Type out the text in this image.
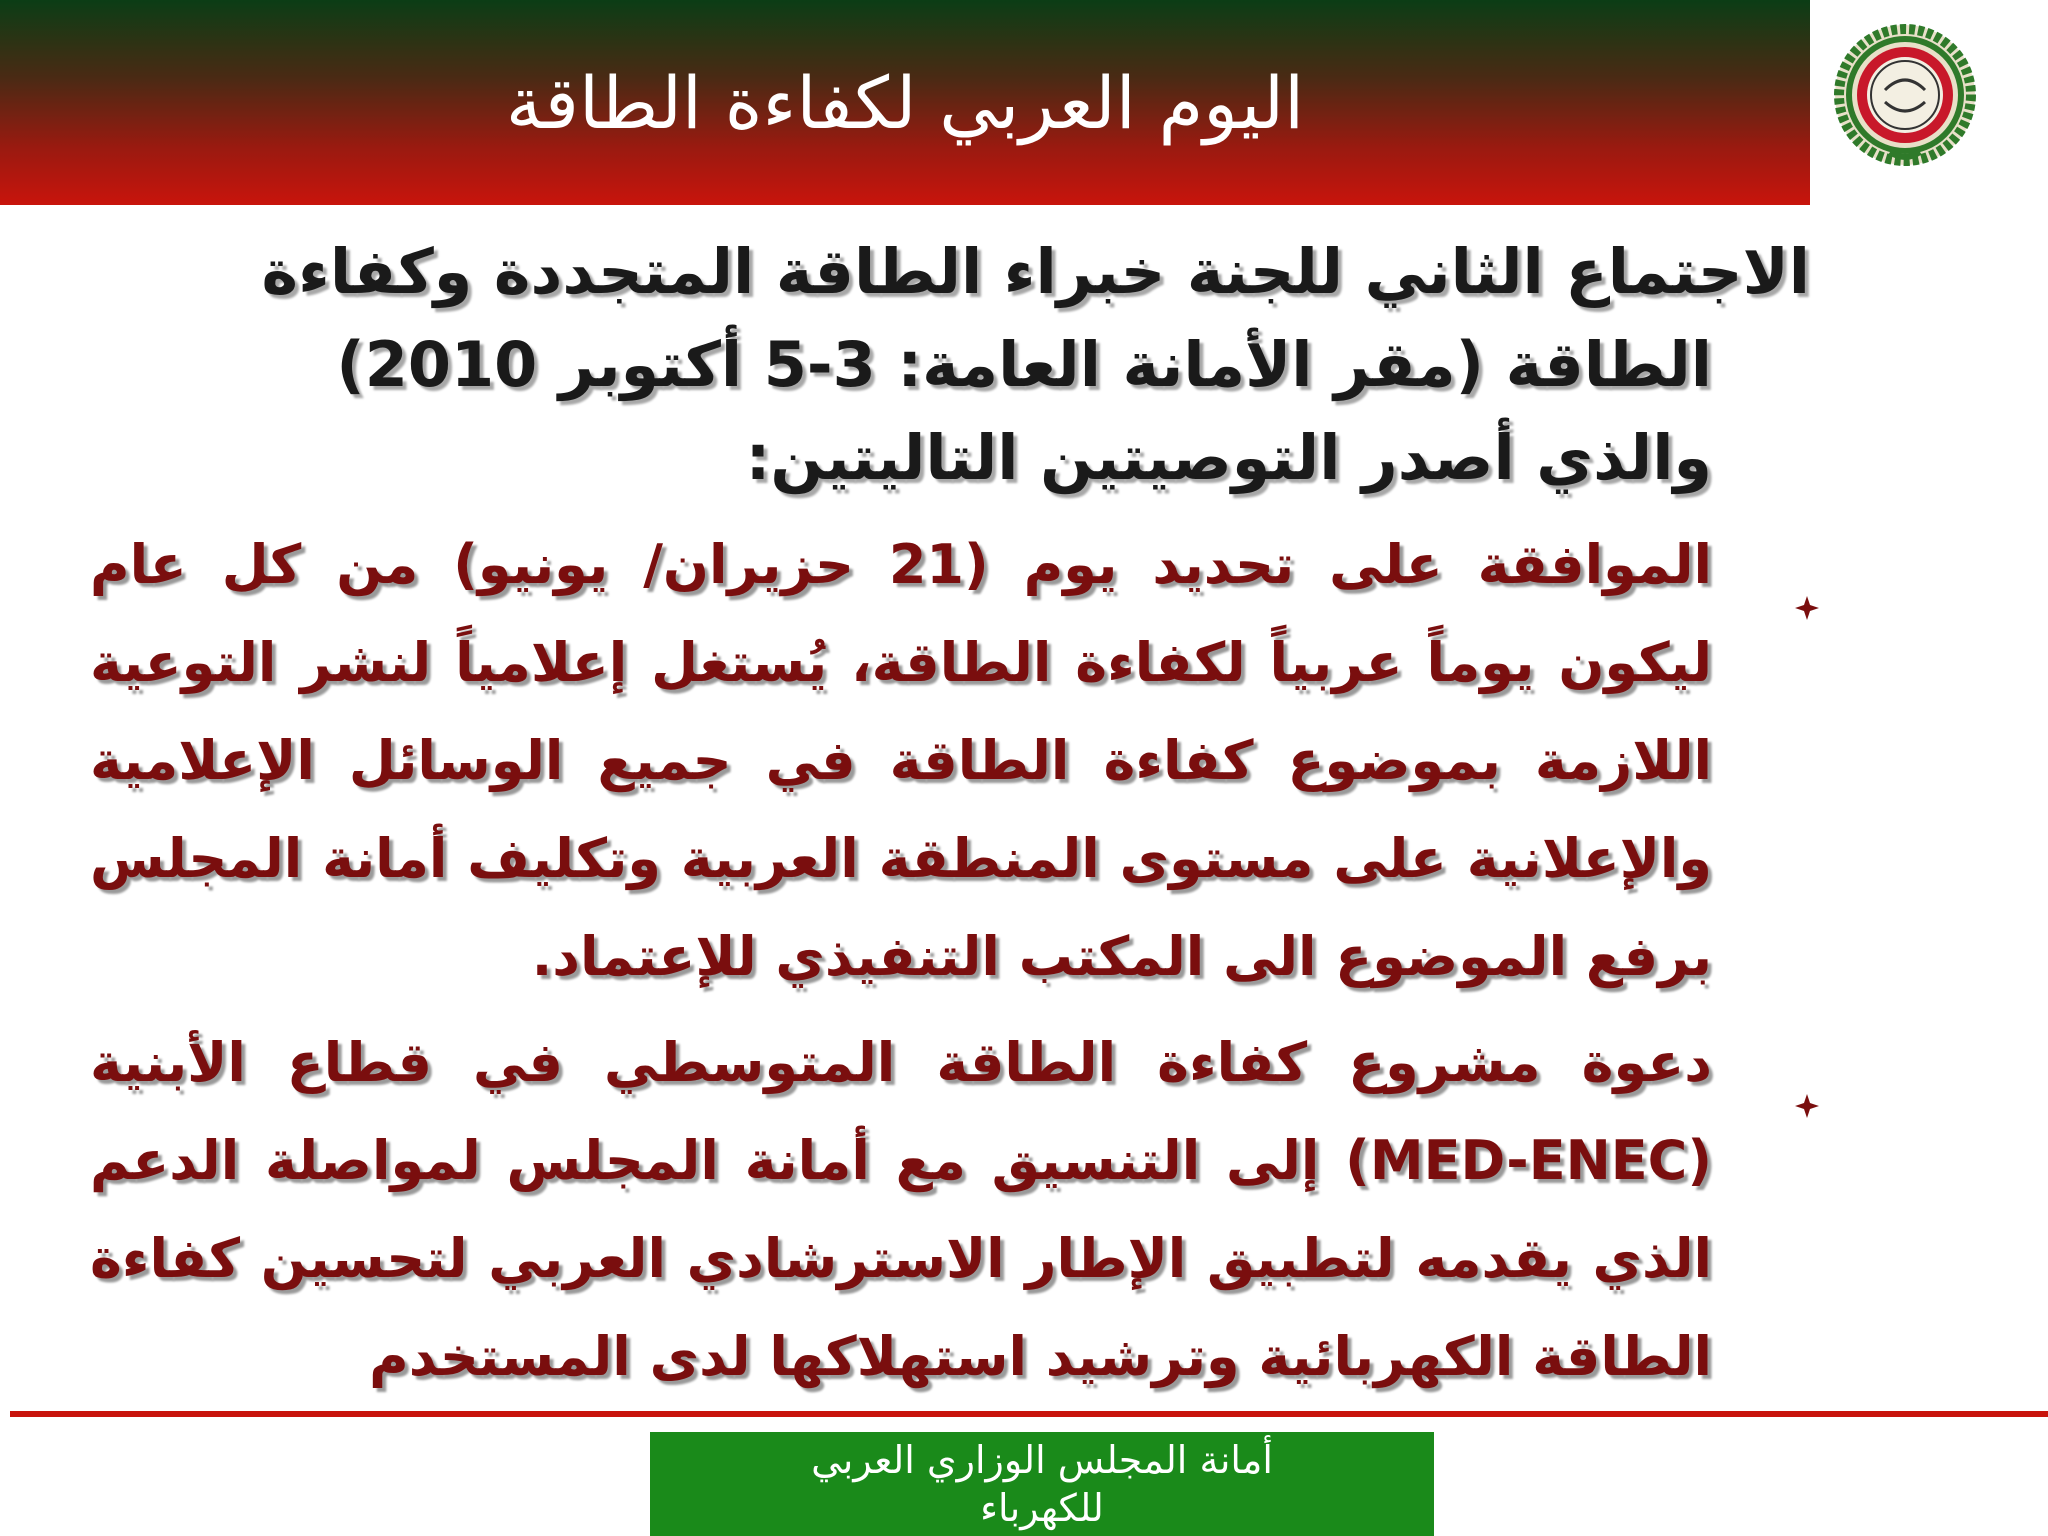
اليوم العربي لكفاءة الطاقة

الاجتماع الثاني للجنة خبراء الطاقة المتجددة وكفاءة

الطاقة (مقر الأمانة العامة: 3-5 أكتوبر 2010)

والذي أصدر التوصيتين التاليتين:

الموافقة على تحديد يوم (21 حزيران/ يونيو) من كل عام ليكون يوماً عربياً لكفاءة الطاقة، يُستغل إعلامياً لنشر التوعية اللازمة بموضوع كفاءة الطاقة في جميع الوسائل الإعلامية والإعلانية على مستوى المنطقة العربية وتكليف أمانة المجلس برفع الموضوع الى المكتب التنفيذي للإعتماد.
دعوة مشروع كفاءة الطاقة المتوسطي في قطاع الأبنية (MED-ENEC) إلى التنسيق مع أمانة المجلس لمواصلة الدعم الذي يقدمه لتطبيق الإطار الاسترشادي العربي لتحسين كفاءة الطاقة الكهربائية وترشيد استهلاكها لدى المستخدم
أمانة المجلس الوزاري العربي
للكهرباء
